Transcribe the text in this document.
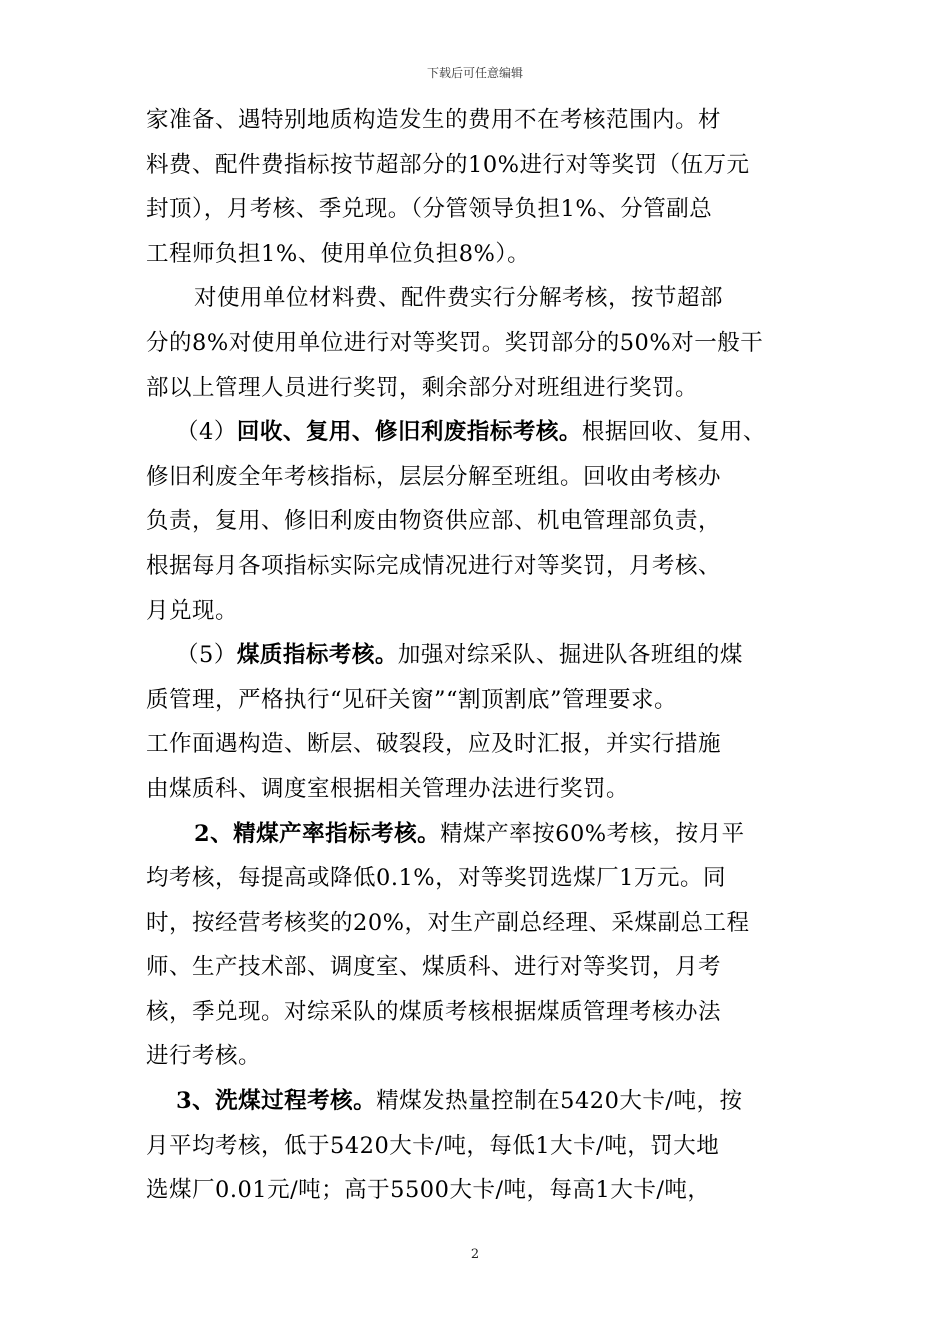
下载后可任意编辑

家准备、遇特别地质构造发生的费用不在考核范围内。材
料费、配件费指标按节超部分的10%进行对等奖罚（伍万元
封顶），月考核、季兑现。（分管领导负担1%、分管副总
工程师负担1%、使用单位负担8%）。

对使用单位材料费、配件费实行分解考核，按节超部
分的8%对使用单位进行对等奖罚。奖罚部分的50%对一般干
部以上管理人员进行奖罚，剩余部分对班组进行奖罚。

（4）回收、复用、修旧利废指标考核。根据回收、复用、
修旧利废全年考核指标，层层分解至班组。回收由考核办
负责，复用、修旧利废由物资供应部、机电管理部负责，
根据每月各项指标实际完成情况进行对等奖罚，月考核、
月兑现。

（5）煤质指标考核。加强对综采队、掘进队各班组的煤
质管理，严格执行“见矸关窗”“割顶割底”管理要求。
工作面遇构造、断层、破裂段，应及时汇报，并实行措施
由煤质科、调度室根据相关管理办法进行奖罚。

2、精煤产率指标考核。精煤产率按60%考核，按月平
均考核，每提高或降低0.1%，对等奖罚选煤厂1万元。同
时，按经营考核奖的20%，对生产副总经理、采煤副总工程
师、生产技术部、调度室、煤质科、进行对等奖罚，月考
核，季兑现。对综采队的煤质考核根据煤质管理考核办法
进行考核。

3、洗煤过程考核。精煤发热量控制在5420大卡/吨，按
月平均考核，低于5420大卡/吨，每低1大卡/吨，罚大地
选煤厂0.01元/吨；高于5500大卡/吨，每高1大卡/吨，

2
